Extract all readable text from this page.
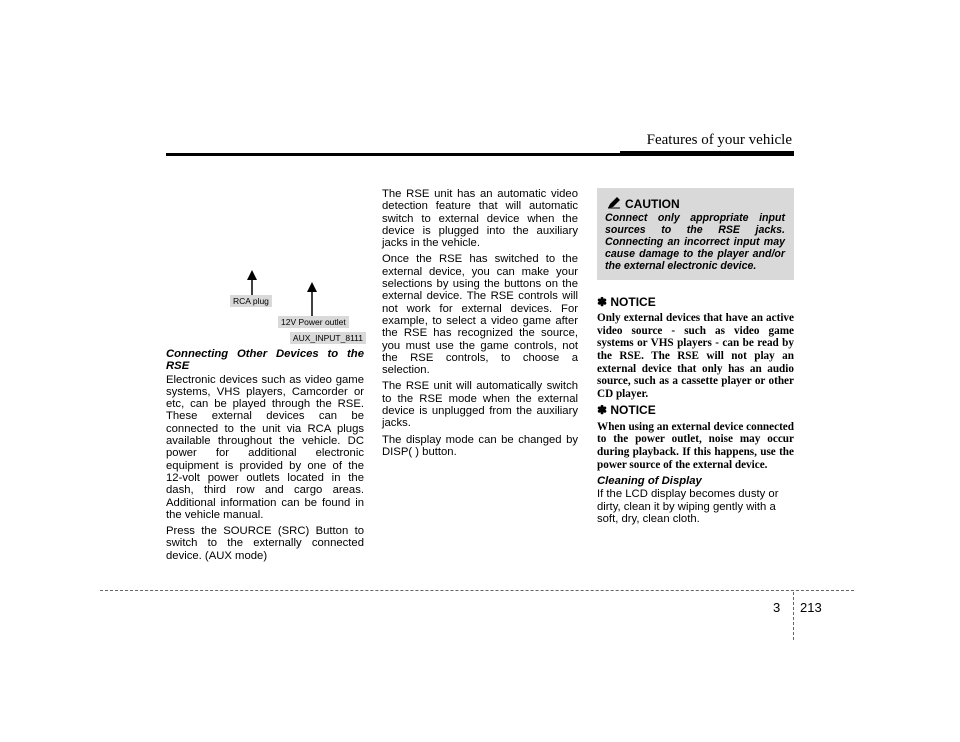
Features of your vehicle
RCA plug
12V Power outlet
AUX_INPUT_8111

Connecting Other Devices to the RSE

Electronic devices such as video game systems, VHS players, Camcorder or etc, can be played through the RSE. These external devices can be connected to the unit via RCA plugs available throughout the vehicle. DC power for additional electronic equipment is provided by one of the 12-volt power outlets located in the dash, third row and cargo areas. Additional information can be found in the vehicle manual.

Press the SOURCE (SRC) Button to switch to the externally connected device. (AUX mode)

The RSE unit has an automatic video detection feature that will automatic switch to external device when the device is plugged into the auxiliary jacks in the vehicle.

Once the RSE has switched to the external device, you can make your selections by using the buttons on the external device. The RSE controls will not work for external devices. For example, to select a video game after the RSE has recognized the source, you must use the game controls, not the RSE controls, to choose a selection.

The RSE unit will automatically switch to the RSE mode when the external device is unplugged from the auxiliary jacks.

The display mode can be changed by DISP( ) button.

CAUTION
Connect only appropriate input sources to the RSE jacks. Connecting an incorrect input may cause damage to the player and/or the external electronic device.

✽ NOTICE

Only external devices that have an active video source - such as video game systems or VHS players - can be read by the RSE. The RSE will not play an external device that only has an audio source, such as a cassette player or other CD player.

✽ NOTICE

When using an external device connected to the power outlet, noise may occur during playback. If this happens, use the power source of the external device.

Cleaning of Display

If the LCD display becomes dusty or dirty, clean it by wiping gently with a soft, dry, clean cloth.

3 213
